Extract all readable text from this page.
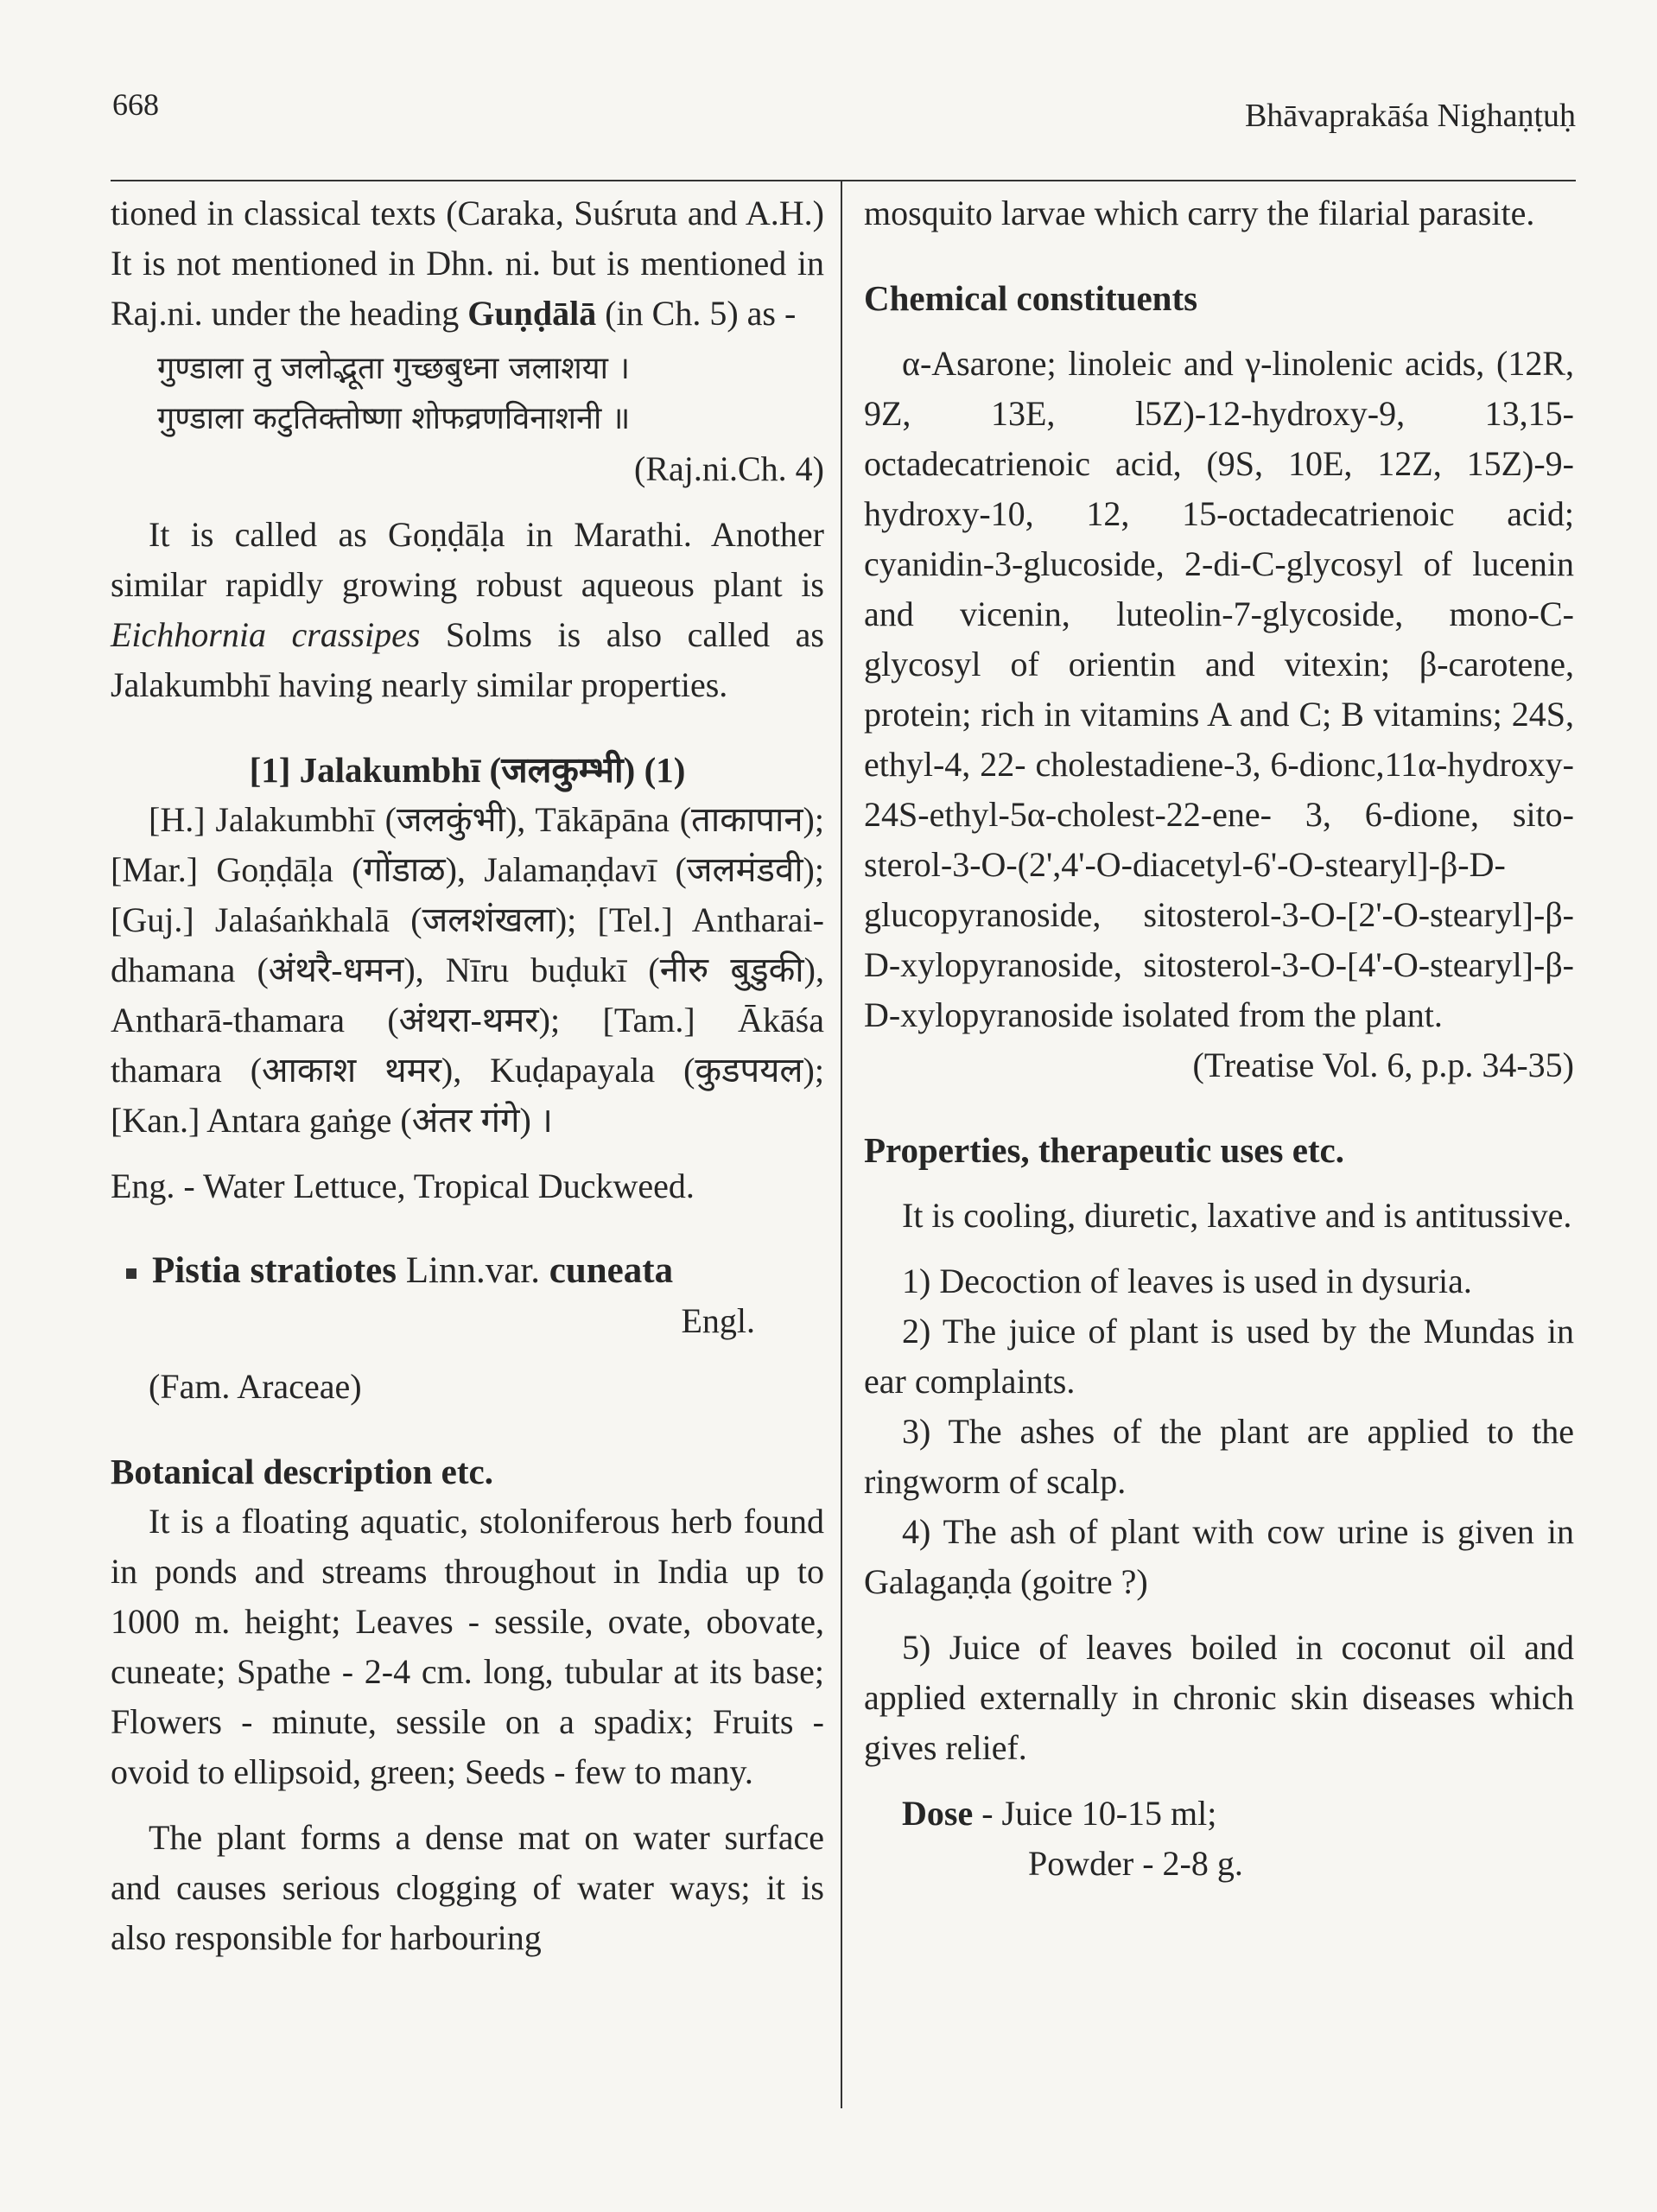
668	Bhāvaprakāśa Nighaṇṭuḥ

tioned in classical texts (Caraka, Suśruta and A.H.) It is not mentioned in Dhn. ni. but is mentioned in Raj.ni. under the heading Guṇḍālā (in Ch. 5) as -

गुण्डाला तु जलोद्भूता गुच्छबुध्ना जलाशया ।
गुण्डाला कटुतिक्तोष्णा शोफव्रणविनाशनी ॥

(Raj.ni.Ch. 4)

It is called as Goṇḍāḷa in Marathi. Another similar rapidly growing robust aqueous plant is Eichhornia crassipes Solms is also called as Jalakumbhī having nearly similar properties.

[1] Jalakumbhī (जलकुम्भी) (1)

[H.] Jalakumbhī (जलकुंभी), Tākāpāna (ताकापान); [Mar.] Goṇḍāḷa (गोंडाळ), Jalamaṇḍavī (जलमंडवी); [Guj.] Jalaśaṅkhalā (जलशंखला); [Tel.] Antharai-dhamana (अंथरै-धमन), Nīru buḍukī (नीरु बुडुकी), Antharā-thamara (अंथरा-थमर); [Tam.] Ākāśa thamara (आकाश थमर), Kuḍapayala (कुडपयल); [Kan.] Antara gaṅge (अंतर गंगे) ।

Eng. - Water Lettuce, Tropical Duckweed.

Pistia stratiotes Linn.var. cuneata

Engl.

(Fam. Araceae)

Botanical description etc.

It is a floating aquatic, stoloniferous herb found in ponds and streams throughout in India up to 1000 m. height; Leaves - sessile, ovate, obovate, cuneate; Spathe - 2-4 cm. long, tubular at its base; Flowers - minute, sessile on a spadix; Fruits - ovoid to ellipsoid, green; Seeds - few to many.

The plant forms a dense mat on water surface and causes serious clogging of water ways; it is also responsible for harbouring

mosquito larvae which carry the filarial parasite.

Chemical constituents

α-Asarone; linoleic and γ-linolenic acids, (12R, 9Z, 13E, l5Z)-12-hydroxy-9, 13,15-octadecatrienoic acid, (9S, 10E, 12Z, 15Z)-9-hydroxy-10, 12, 15-octadecatrienoic acid; cyanidin-3-glucoside, 2-di-C-glycosyl of lucenin and vicenin, luteolin-7-glycoside, mono-C-glycosyl of orientin and vitexin; β-carotene, protein; rich in vitamins A and C; B vitamins; 24S, ethyl-4, 22- cholestadiene-3, 6-dionc,11α-hydroxy-24S-ethyl-5α-cholest-22-ene- 3, 6-dione, sito-sterol-3-O-(2',4'-O-diacetyl-6'-O-stearyl]-β-D-glucopyranoside, sitosterol-3-O-[2'-O-stearyl]-β-D-xylopyranoside, sitosterol-3-O-[4'-O-stearyl]-β-D-xylopyranoside isolated from the plant.

(Treatise Vol. 6, p.p. 34-35)

Properties, therapeutic uses etc.

It is cooling, diuretic, laxative and is antitussive.

1) Decoction of leaves is used in dysuria.

2) The juice of plant is used by the Mundas in ear complaints.

3) The ashes of the plant are applied to the ringworm of scalp.

4) The ash of plant with cow urine is given in Galagaṇḍa (goitre ?)

5) Juice of leaves boiled in coconut oil and applied externally in chronic skin diseases which gives relief.

Dose - Juice 10-15 ml;

Powder - 2-8 g.
